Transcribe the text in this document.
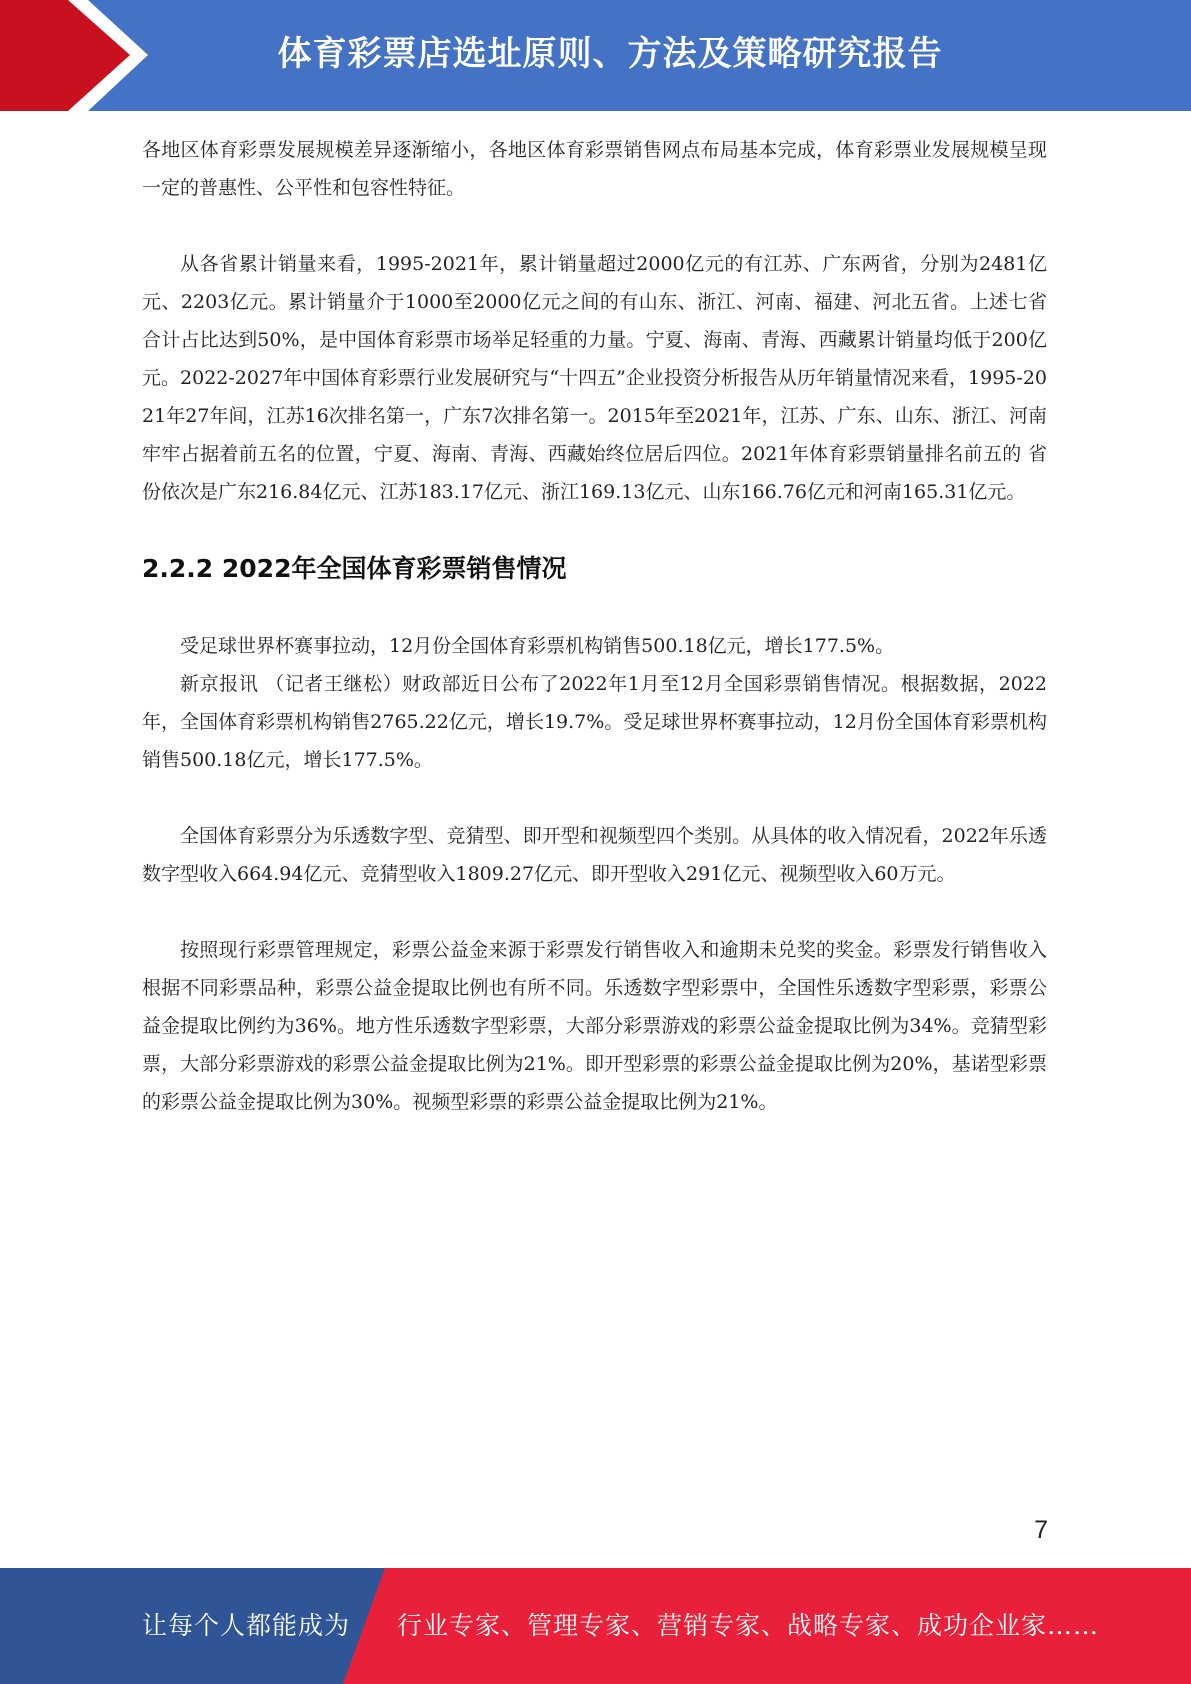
体育彩票店选址原则、方法及策略研究报告

各地区体育彩票发展规模差异逐渐缩小，各地区体育彩票销售网点布局基本完成，体育彩票业发展规模呈现一定的普惠性、公平性和包容性特征。

从各省累计销量来看，1995-2021年，累计销量超过2000亿元的有江苏、广东两省，分别为2481亿元、2203亿元。累计销量介于1000至2000亿元之间的有山东、浙江、河南、福建、河北五省。上述七省合计占比达到50%，是中国体育彩票市场举足轻重的力量。宁夏、海南、青海、西藏累计销量均低于200亿元。2022-2027年中国体育彩票行业发展研究与“十四五”企业投资分析报告从历年销量情况来看，1995-2021年27年间，江苏16次排名第一，广东7次排名第一。2015年至2021年，江苏、广东、山东、浙江、河南牢牢占据着前五名的位置，宁夏、海南、青海、西藏始终位居后四位。2021年体育彩票销量排名前五的 省份依次是广东216.84亿元、江苏183.17亿元、浙江169.13亿元、山东166.76亿元和河南165.31亿元。

2.2.2 2022年全国体育彩票销售情况

受足球世界杯赛事拉动，12月份全国体育彩票机构销售500.18亿元，增长177.5%。

新京报讯 （记者王继松）财政部近日公布了2022年1月至12月全国彩票销售情况。根据数据，2022年，全国体育彩票机构销售2765.22亿元，增长19.7%。受足球世界杯赛事拉动，12月份全国体育彩票机构销售500.18亿元，增长177.5%。

全国体育彩票分为乐透数字型、竞猜型、即开型和视频型四个类别。从具体的收入情况看，2022年乐透数字型收入664.94亿元、竞猜型收入1809.27亿元、即开型收入291亿元、视频型收入60万元。

按照现行彩票管理规定，彩票公益金来源于彩票发行销售收入和逾期未兑奖的奖金。彩票发行销售收入根据不同彩票品种，彩票公益金提取比例也有所不同。乐透数字型彩票中，全国性乐透数字型彩票，彩票公益金提取比例约为36%。地方性乐透数字型彩票，大部分彩票游戏的彩票公益金提取比例为34%。竞猜型彩票，大部分彩票游戏的彩票公益金提取比例为21%。即开型彩票的彩票公益金提取比例为20%，基诺型彩票的彩票公益金提取比例为30%。视频型彩票的彩票公益金提取比例为21%。

7
让每个人都能成为 行业专家、管理专家、营销专家、战略专家、成功企业家……
